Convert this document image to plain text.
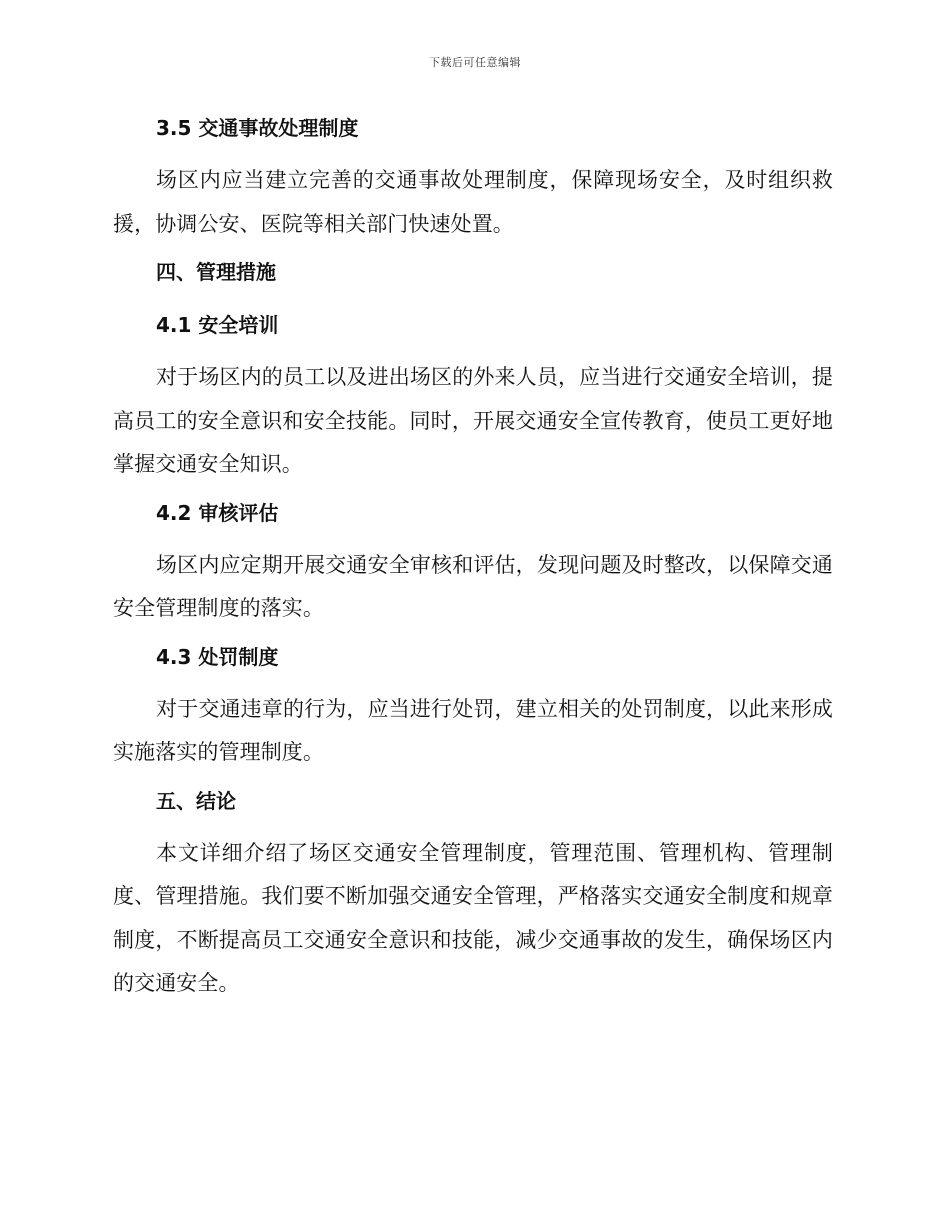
下载后可任意编辑
3.5 交通事故处理制度

场区内应当建立完善的交通事故处理制度，保障现场安全，及时组织救援，协调公安、医院等相关部门快速处置。

四、管理措施
4.1 安全培训

对于场区内的员工以及进出场区的外来人员，应当进行交通安全培训，提高员工的安全意识和安全技能。同时，开展交通安全宣传教育，使员工更好地掌握交通安全知识。

4.2 审核评估

场区内应定期开展交通安全审核和评估，发现问题及时整改，以保障交通安全管理制度的落实。

4.3 处罚制度

对于交通违章的行为，应当进行处罚，建立相关的处罚制度，以此来形成实施落实的管理制度。

五、结论

本文详细介绍了场区交通安全管理制度，管理范围、管理机构、管理制度、管理措施。我们要不断加强交通安全管理，严格落实交通安全制度和规章制度，不断提高员工交通安全意识和技能，减少交通事故的发生，确保场区内的交通安全。
